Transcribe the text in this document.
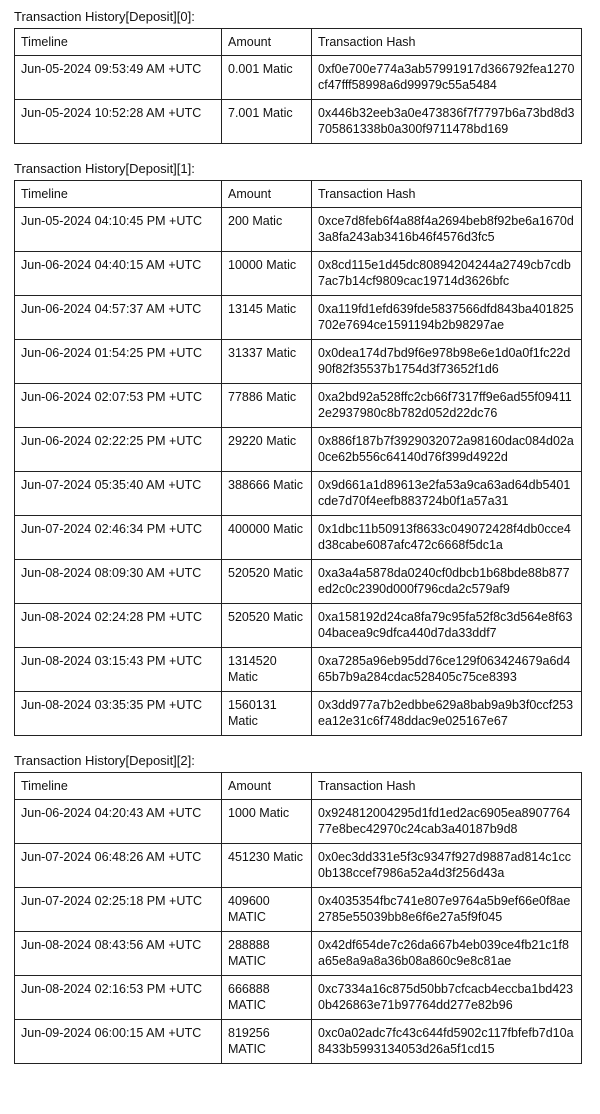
Transaction History[Deposit][0]:
Timeline	Amount	Transaction Hash
Jun-05-2024 09:53:49 AM +UTC	0.001 Matic	0xf0e700e774a3ab57991917d366792fea1270cf47fff58998a6d99979c55a5484
Jun-05-2024 10:52:28 AM +UTC	7.001 Matic	0x446b32eeb3a0e473836f7f7797b6a73bd8d3705861338b0a300f9711478bd169
Transaction History[Deposit][1]:
Timeline	Amount	Transaction Hash
Jun-05-2024 04:10:45 PM +UTC	200 Matic	0xce7d8feb6f4a88f4a2694beb8f92be6a1670d3a8fa243ab3416b46f4576d3fc5
Jun-06-2024 04:40:15 AM +UTC	10000 Matic	0x8cd115e1d45dc80894204244a2749cb7cdb7ac7b14cf9809cac19714d3626bfc
Jun-06-2024 04:57:37 AM +UTC	13145 Matic	0xa119fd1efd639fde5837566dfd843ba401825702e7694ce1591194b2b98297ae
Jun-06-2024 01:54:25 PM +UTC	31337 Matic	0x0dea174d7bd9f6e978b98e6e1d0a0f1fc22d90f82f35537b1754d3f73652f1d6
Jun-06-2024 02:07:53 PM +UTC	77886 Matic	0xa2bd92a528ffc2cb66f7317ff9e6ad55f094112e2937980c8b782d052d22dc76
Jun-06-2024 02:22:25 PM +UTC	29220 Matic	0x886f187b7f3929032072a98160dac084d02a0ce62b556c64140d76f399d4922d
Jun-07-2024 05:35:40 AM +UTC	388666 Matic	0x9d661a1d89613e2fa53a9ca63ad64db5401cde7d70f4eefb883724b0f1a57a31
Jun-07-2024 02:46:34 PM +UTC	400000 Matic	0x1dbc11b50913f8633c049072428f4db0cce4d38cabe6087afc472c6668f5dc1a
Jun-08-2024 08:09:30 AM +UTC	520520 Matic	0xa3a4a5878da0240cf0dbcb1b68bde88b877ed2c0c2390d000f796cda2c579af9
Jun-08-2024 02:24:28 PM +UTC	520520 Matic	0xa158192d24ca8fa79c95fa52f8c3d564e8f6304bacea9c9dfca440d7da33ddf7
Jun-08-2024 03:15:43 PM +UTC	1314520 Matic	0xa7285a96eb95dd76ce129f063424679a6d465b7b9a284cdac528405c75ce8393
Jun-08-2024 03:35:35 PM +UTC	1560131 Matic	0x3dd977a7b2edbbe629a8bab9a9b3f0ccf253ea12e31c6f748ddac9e025167e67
Transaction History[Deposit][2]:
Timeline	Amount	Transaction Hash
Jun-06-2024 04:20:43 AM +UTC	1000 Matic	0x924812004295d1fd1ed2ac6905ea890776477e8bec42970c24cab3a40187b9d8
Jun-07-2024 06:48:26 AM +UTC	451230 Matic	0x0ec3dd331e5f3c9347f927d9887ad814c1cc0b138ccef7986a52a4d3f256d43a
Jun-07-2024 02:25:18 PM +UTC	409600 MATIC	0x4035354fbc741e807e9764a5b9ef66e0f8ae2785e55039bb8e6f6e27a5f9f045
Jun-08-2024 08:43:56 AM +UTC	288888 MATIC	0x42df654de7c26da667b4eb039ce4fb21c1f8a65e8a9a8a36b08a860c9e8c81ae
Jun-08-2024 02:16:53 PM +UTC	666888 MATIC	0xc7334a16c875d50bb7cfcacb4eccba1bd4230b426863e71b97764dd277e82b96
Jun-09-2024 06:00:15 AM +UTC	819256 MATIC	0xc0a02adc7fc43c644fd5902c117fbfefb7d10a8433b5993134053d26a5f1cd15
